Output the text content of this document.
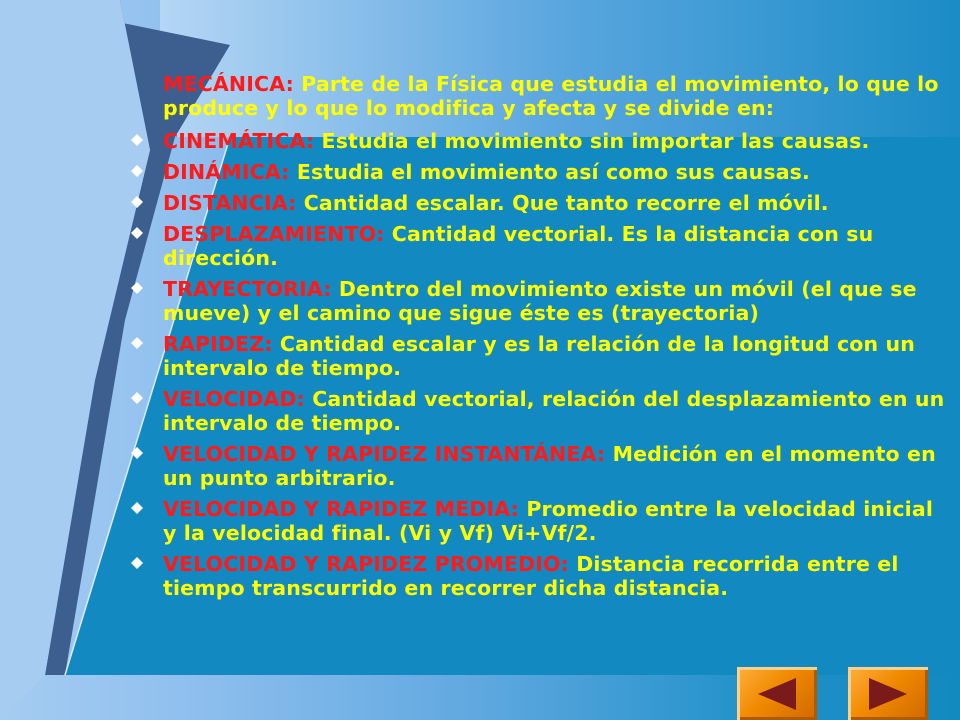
MECÁNICA: Parte de la Física que estudia el movimiento, lo que lo produce y lo que lo modifica y afecta y se divide en:
CINEMÁTICA: Estudia el movimiento sin importar las causas.
DINÁMICA: Estudia el movimiento así como sus causas.
DISTANCIA: Cantidad escalar. Que tanto recorre el móvil.
DESPLAZAMIENTO: Cantidad vectorial. Es la distancia con su dirección.
TRAYECTORIA: Dentro del movimiento existe un móvil (el que se mueve) y el camino que sigue éste es (trayectoria)
RAPIDEZ: Cantidad escalar y es la relación de la longitud con un intervalo de tiempo.
VELOCIDAD: Cantidad vectorial, relación del desplazamiento en un intervalo de tiempo.
VELOCIDAD Y RAPIDEZ INSTANTÁNEA: Medición en el momento en un punto arbitrario.
VELOCIDAD Y RAPIDEZ MEDIA: Promedio entre la velocidad inicial y la velocidad final. (Vi y Vf) Vi+Vf/2.
VELOCIDAD Y RAPIDEZ PROMEDIO: Distancia recorrida entre el tiempo transcurrido en recorrer dicha distancia.
